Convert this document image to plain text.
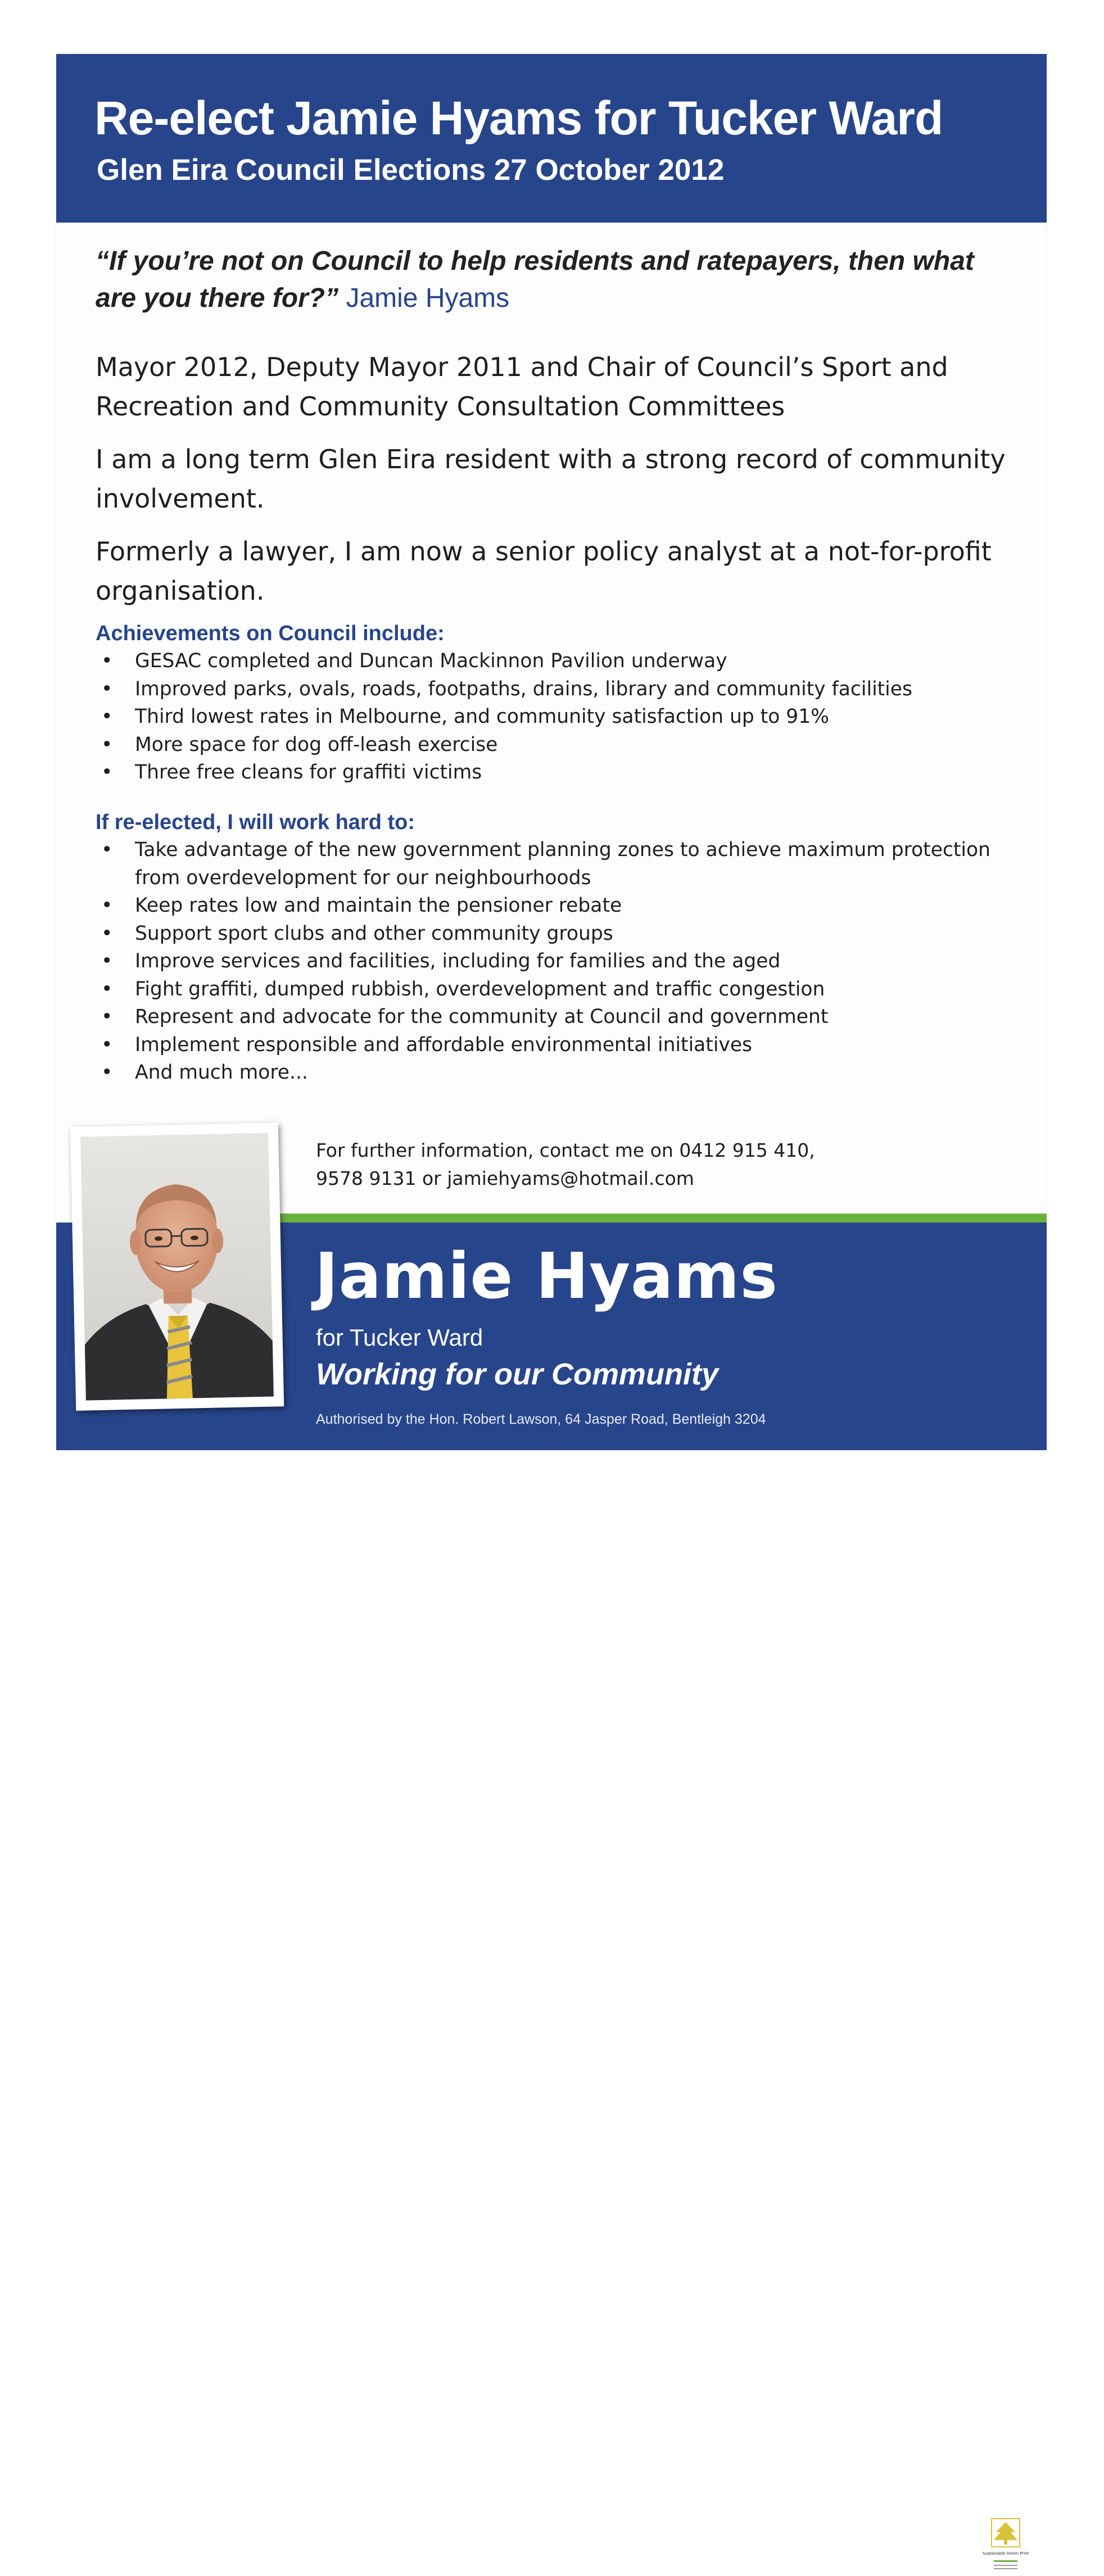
Re-elect Jamie Hyams for Tucker Ward
Glen Eira Council Elections 27 October 2012
“If you’re not on Council to help residents and ratepayers, then what are you there for?” Jamie Hyams
Mayor 2012, Deputy Mayor 2011 and Chair of Council’s Sport and Recreation and Community Consultation Committees
I am a long term Glen Eira resident with a strong record of community involvement.
Formerly a lawyer, I am now a senior policy analyst at a not-for-profit organisation.
Achievements on Council include:
• GESAC completed and Duncan Mackinnon Pavilion underway
• Improved parks, ovals, roads, footpaths, drains, library and community facilities
• Third lowest rates in Melbourne, and community satisfaction up to 91%
• More space for dog off-leash exercise
• Three free cleans for graffiti victims
If re-elected, I will work hard to:
• Take advantage of the new government planning zones to achieve maximum protection from overdevelopment for our neighbourhoods
• Keep rates low and maintain the pensioner rebate
• Support sport clubs and other community groups
• Improve services and facilities, including for families and the aged
• Fight graffiti, dumped rubbish, overdevelopment and traffic congestion
• Represent and advocate for the community at Council and government
• Implement responsible and affordable environmental initiatives
• And much more...
For further information, contact me on 0412 915 410,
9578 9131 or jamiehyams@hotmail.com
Sustainable Green Print
Jamie Hyams
for Tucker Ward
Working for our Community
Authorised by the Hon. Robert Lawson, 64 Jasper Road, Bentleigh 3204
